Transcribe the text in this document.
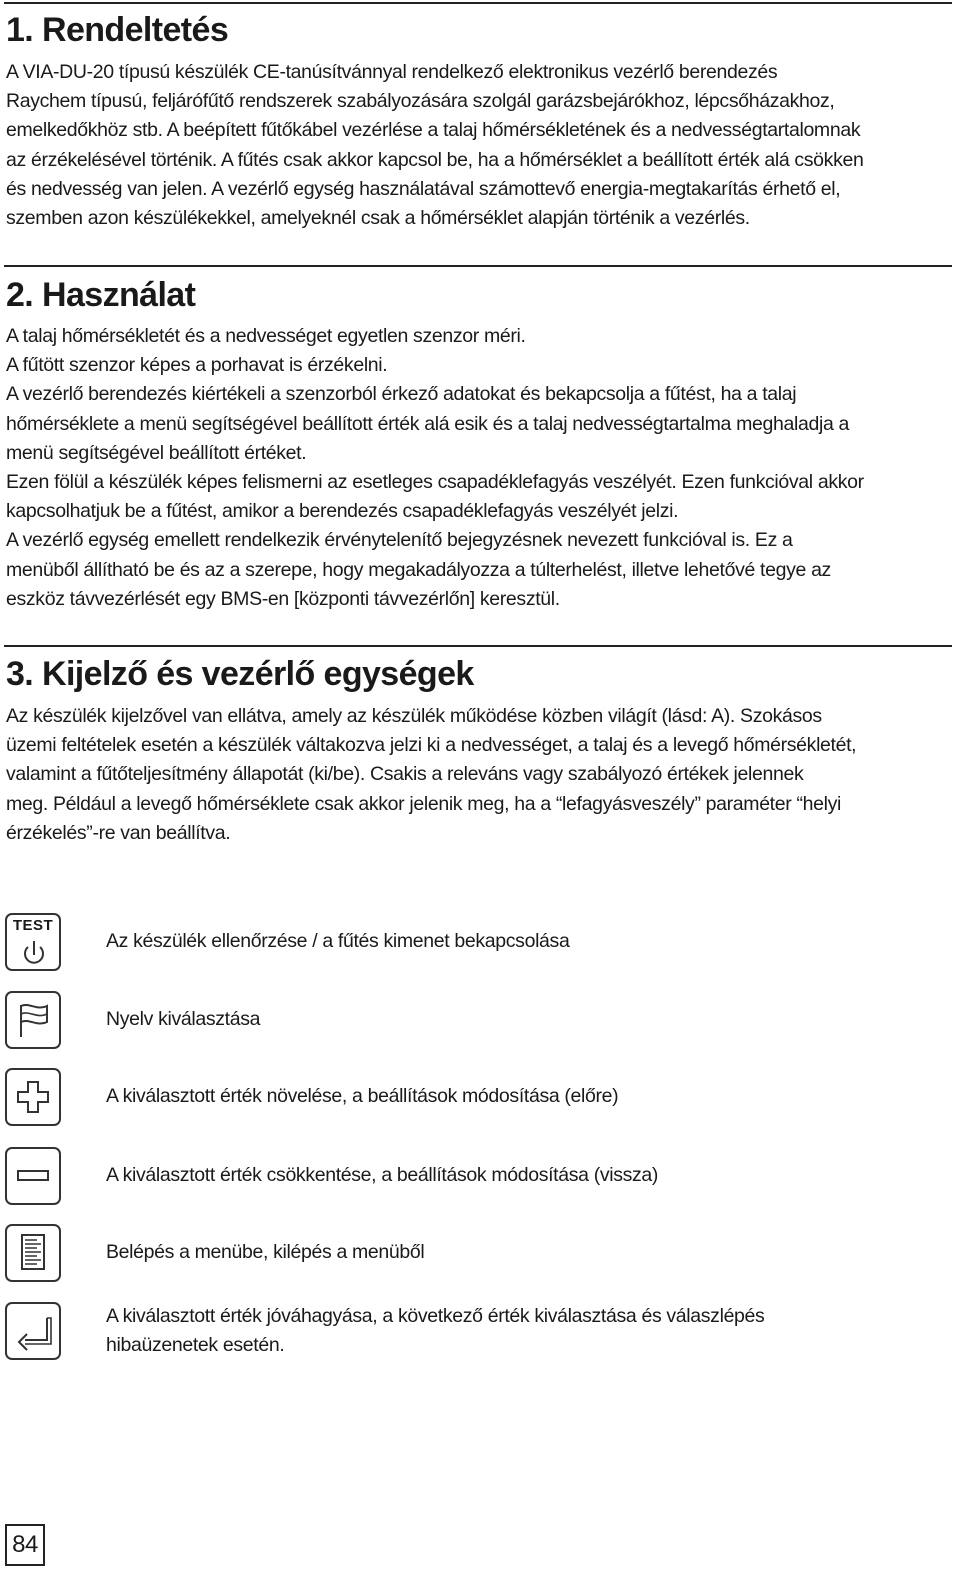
1. Rendeltetés

A VIA-DU-20 típusú készülék CE-tanúsítvánnyal rendelkező elektronikus vezérlő berendezés

Raychem típusú, feljárófűtő rendszerek szabályozására szolgál garázsbejárókhoz, lépcsőházakhoz,

emelkedőkhöz stb. A beépített fűtőkábel vezérlése a talaj hőmérsékletének és a nedvességtartalomnak

az érzékelésével történik. A fűtés csak akkor kapcsol be, ha a hőmérséklet a beállított érték alá csökken

és nedvesség van jelen. A vezérlő egység használatával számottevő energia-megtakarítás érhető el,

szemben azon készülékekkel, amelyeknél csak a hőmérséklet alapján történik a vezérlés.

2. Használat

A talaj hőmérsékletét és a nedvességet egyetlen szenzor méri.

A fűtött szenzor képes a porhavat is érzékelni.

A vezérlő berendezés kiértékeli a szenzorból érkező adatokat és bekapcsolja a fűtést, ha a talaj

hőmérséklete a menü segítségével beállított érték alá esik és a talaj nedvességtartalma meghaladja a

menü segítségével beállított értéket.

Ezen fölül a készülék képes felismerni az esetleges csapadéklefagyás veszélyét. Ezen funkcióval akkor

kapcsolhatjuk be a fűtést, amikor a berendezés csapadéklefagyás veszélyét jelzi.

A vezérlő egység emellett rendelkezik érvénytelenítő bejegyzésnek nevezett funkcióval is. Ez a

menüből állítható be és az a szerepe, hogy megakadályozza a túlterhelést, illetve lehetővé tegye az

eszköz távvezérlését egy BMS-en [központi távvezérlőn] keresztül.

3. Kijelző és vezérlő egységek

Az készülék kijelzővel van ellátva, amely az készülék működése közben világít (lásd: A). Szokásos

üzemi feltételek esetén a készülék váltakozva jelzi ki a nedvességet, a talaj és a levegő hőmérsékletét,

valamint a fűtőteljesítmény állapotát (ki/be). Csakis a releváns vagy szabályozó értékek jelennek

meg. Például a levegő hőmérséklete csak akkor jelenik meg, ha a “lefagyásveszély” paraméter “helyi

érzékelés”-re van beállítva.

TEST
Az készülék ellenőrzése / a fűtés kimenet bekapcsolása
Nyelv kiválasztása
A kiválasztott érték növelése, a beállítások módosítása (előre)
A kiválasztott érték csökkentése, a beállítások módosítása (vissza)
Belépés a menübe, kilépés a menüből
A kiválasztott érték jóváhagyása, a következő érték kiválasztása és válaszlépés
hibaüzenetek esetén.
84
